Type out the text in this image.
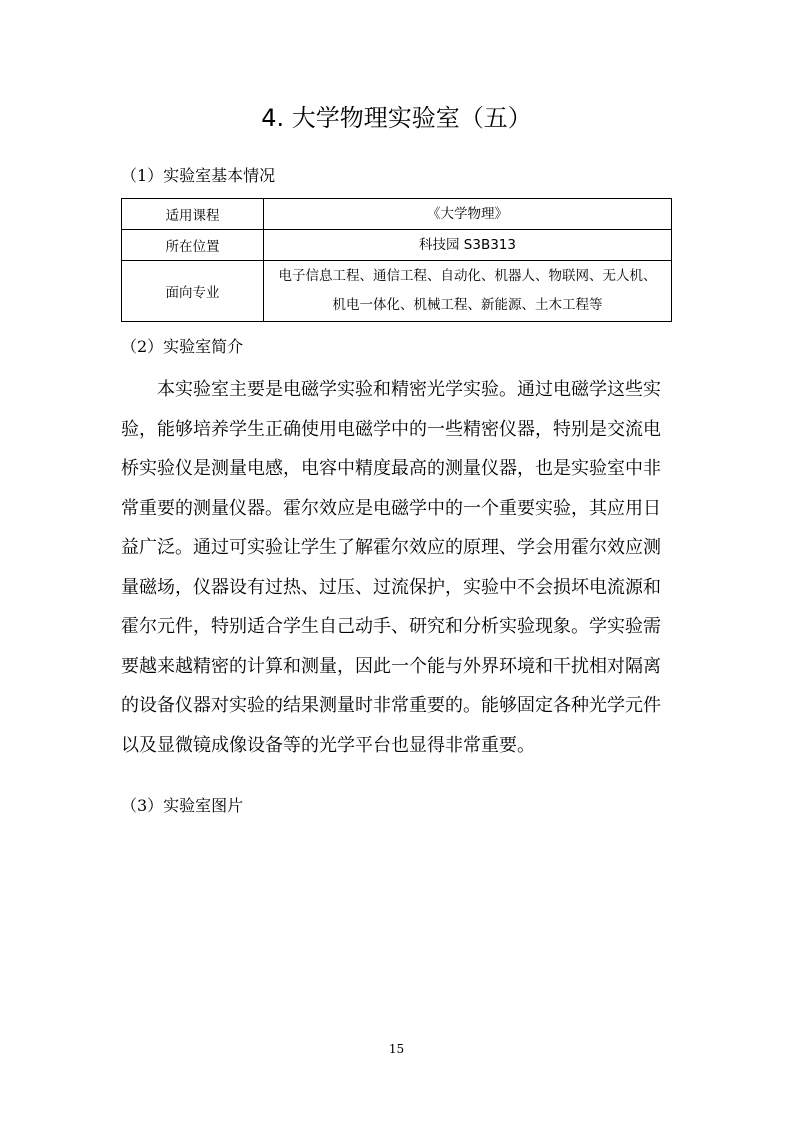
4. 大学物理实验室（五）
（1）实验室基本情况
适用课程	《大学物理》

所在位置	科技园 S3B313

面向专业	电子信息工程、通信工程、自动化、机器人、物联网、无人机、
机电一体化、机械工程、新能源、土木工程等
（2）实验室简介
本实验室主要是电磁学实验和精密光学实验。通过电磁学这些实
验，能够培养学生正确使用电磁学中的一些精密仪器，特别是交流电
桥实验仪是测量电感，电容中精度最高的测量仪器，也是实验室中非
常重要的测量仪器。霍尔效应是电磁学中的一个重要实验，其应用日
益广泛。通过可实验让学生了解霍尔效应的原理、学会用霍尔效应测
量磁场，仪器设有过热、过压、过流保护，实验中不会损坏电流源和
霍尔元件，特别适合学生自己动手、研究和分析实验现象。学实验需
要越来越精密的计算和测量，因此一个能与外界环境和干扰相对隔离
的设备仪器对实验的结果测量时非常重要的。能够固定各种光学元件
以及显微镜成像设备等的光学平台也显得非常重要。
（3）实验室图片
15
